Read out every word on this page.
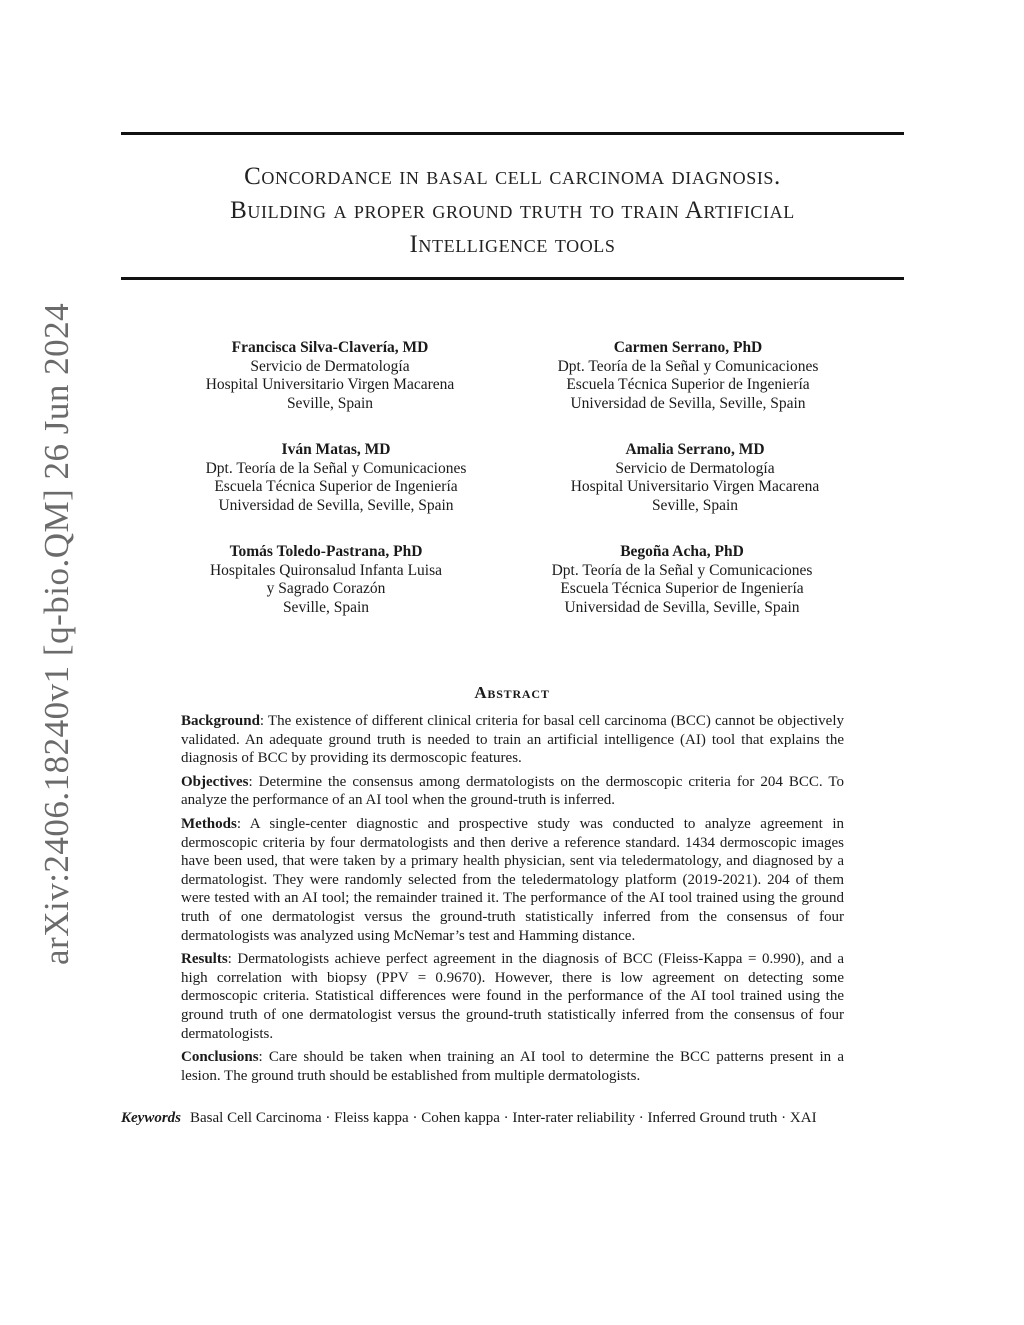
Concordance in basal cell carcinoma diagnosis.
Building a proper ground truth to train Artificial
Intelligence tools
arXiv:2406.18240v1 [q-bio.QM] 26 Jun 2024	Francisca Silva-Clavería, MD
Servicio de Dermatología
Hospital Universitario Virgen Macarena
Seville, Spain
Carmen Serrano, PhD
Dpt. Teoría de la Señal y Comunicaciones
Escuela Técnica Superior de Ingeniería
Universidad de Sevilla, Seville, Spain
Iván Matas, MD
Dpt. Teoría de la Señal y Comunicaciones
Escuela Técnica Superior de Ingeniería
Universidad de Sevilla, Seville, Spain
Amalia Serrano, MD
Servicio de Dermatología
Hospital Universitario Virgen Macarena
Seville, Spain
Tomás Toledo-Pastrana, PhD
Hospitales Quironsalud Infanta Luisa
y Sagrado Corazón
Seville, Spain
Begoña Acha, PhD
Dpt. Teoría de la Señal y Comunicaciones
Escuela Técnica Superior de Ingeniería
Universidad de Sevilla, Seville, Spain
Abstract

Background: The existence of different clinical criteria for basal cell carcinoma (BCC) cannot be objectively validated. An adequate ground truth is needed to train an artificial intelligence (AI) tool that explains the diagnosis of BCC by providing its dermoscopic features.

Objectives: Determine the consensus among dermatologists on the dermoscopic criteria for 204 BCC. To analyze the performance of an AI tool when the ground-truth is inferred.

Methods: A single-center diagnostic and prospective study was conducted to analyze agreement in dermoscopic criteria by four dermatologists and then derive a reference standard. 1434 dermoscopic images have been used, that were taken by a primary health physician, sent via teledermatology, and diagnosed by a dermatologist. They were randomly selected from the teledermatology platform (2019-2021). 204 of them were tested with an AI tool; the remainder trained it. The performance of the AI tool trained using the ground truth of one dermatologist versus the ground-truth statistically inferred from the consensus of four dermatologists was analyzed using McNemar’s test and Hamming distance.

Results: Dermatologists achieve perfect agreement in the diagnosis of BCC (Fleiss-Kappa = 0.990), and a high correlation with biopsy (PPV = 0.9670). However, there is low agreement on detecting some dermoscopic criteria. Statistical differences were found in the performance of the AI tool trained using the ground truth of one dermatologist versus the ground-truth statistically inferred from the consensus of four dermatologists.

Conclusions: Care should be taken when training an AI tool to determine the BCC patterns present in a lesion. The ground truth should be established from multiple dermatologists.

Keywords Basal Cell Carcinoma · Fleiss kappa · Cohen kappa · Inter-rater reliability · Inferred Ground truth · XAI
